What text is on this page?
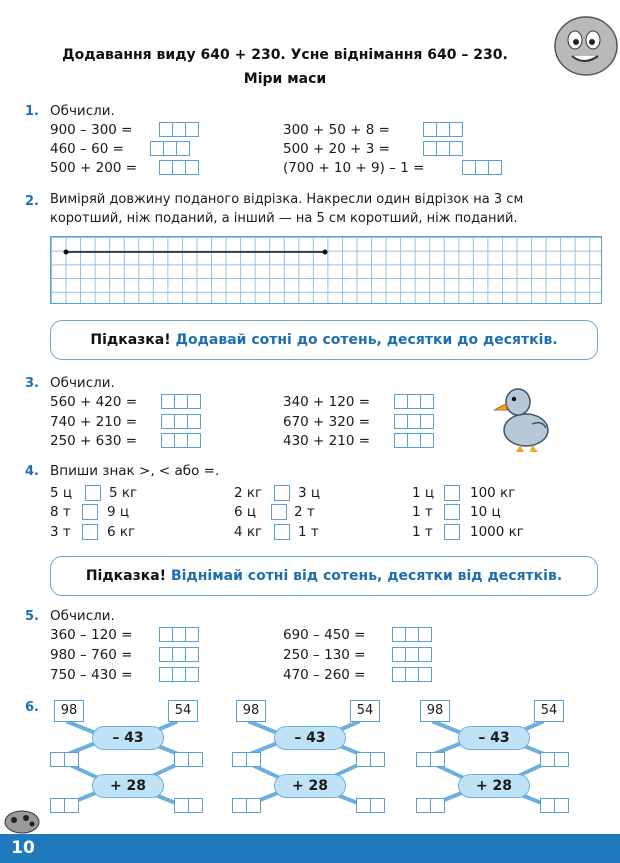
Додавання виду 640 + 230. Усне віднімання 640 – 230.
Міри маси
1. Обчисли.
900 – 300 =
460 – 60 =
500 + 200 =
300 + 50 + 8 =
500 + 20 + 3 =
(700 + 10 + 9) – 1 =
2. Виміряй довжину поданого відрізка. Накресли один відрізок на 3 см
коротший, ніж поданий, а інший — на 5 см коротший, ніж поданий.
Підказка! Додавай сотні до сотень, десятки до десятків.
3. Обчисли.
560 + 420 =
740 + 210 =
250 + 630 =
340 + 120 =
670 + 320 =
430 + 210 =
4. Впиши знак >, < або =.
5 ц	5 кг
8 т	9 ц
3 т	6 кг
2 кг	3 ц
6 ц	2 т
4 кг	1 т
1 ц	100 кг
1 т	10 ц
1 т	1000 кг
Підказка! Віднімай сотні від сотень, десятки від десятків.
5. Обчисли.
360 – 120 =
980 – 760 =
750 – 430 =
690 – 450 =
250 – 130 =
470 – 260 =
6.	98	54
– 43
+ 28
98	54
– 43
+ 28
98	54
– 43
+ 28
10
